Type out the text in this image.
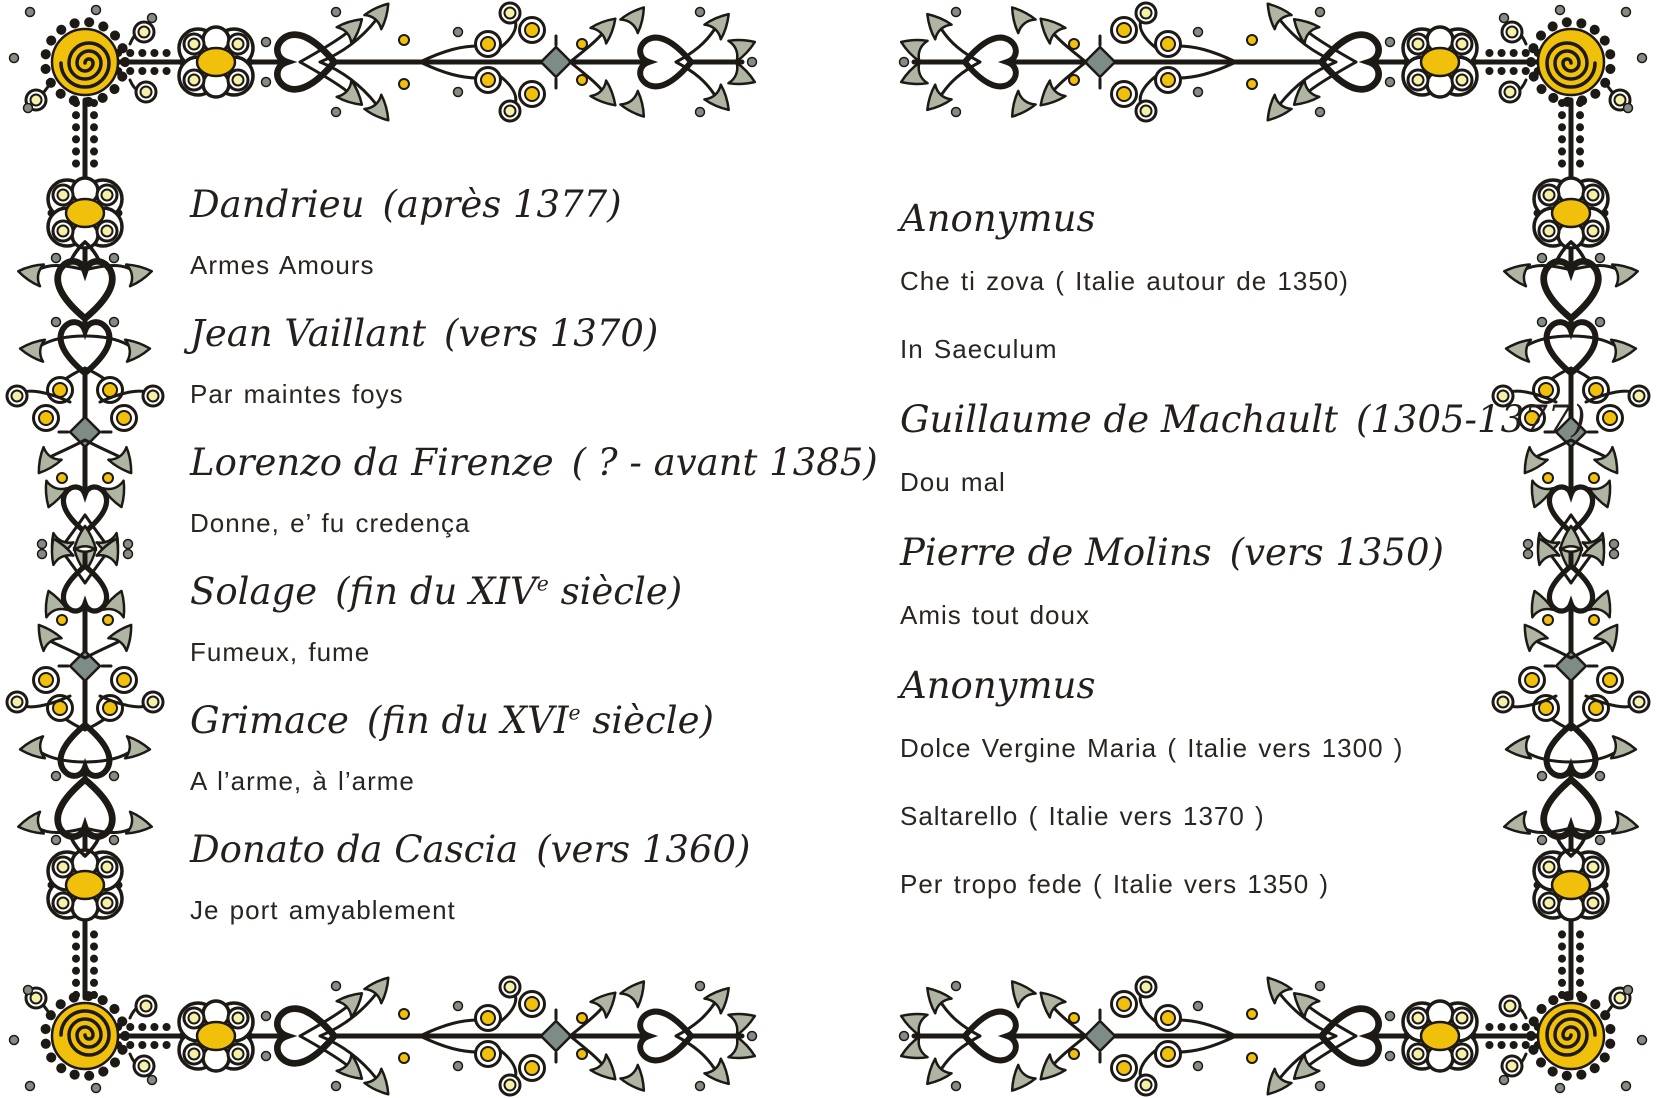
Dandrieu (après 1377)
Armes Amours
Jean Vaillant (vers 1370)
Par maintes foys
Lorenzo da Firenze ( ? - avant 1385)
Donne, e’ fu credença
Solage (fin du XIVe siècle)
Fumeux, fume
Grimace (fin du XVIe siècle)
A l’arme, à l’arme
Donato da Cascia (vers 1360)
Je port amyablement
Anonymus
Che ti zova ( Italie autour de 1350)
In Saeculum
Guillaume de Machault (1305-1377)
Dou mal
Pierre de Molins (vers 1350)
Amis tout doux
Anonymus
Dolce Vergine Maria ( Italie vers 1300 )
Saltarello ( Italie vers 1370 )
Per tropo fede ( Italie vers 1350 )
